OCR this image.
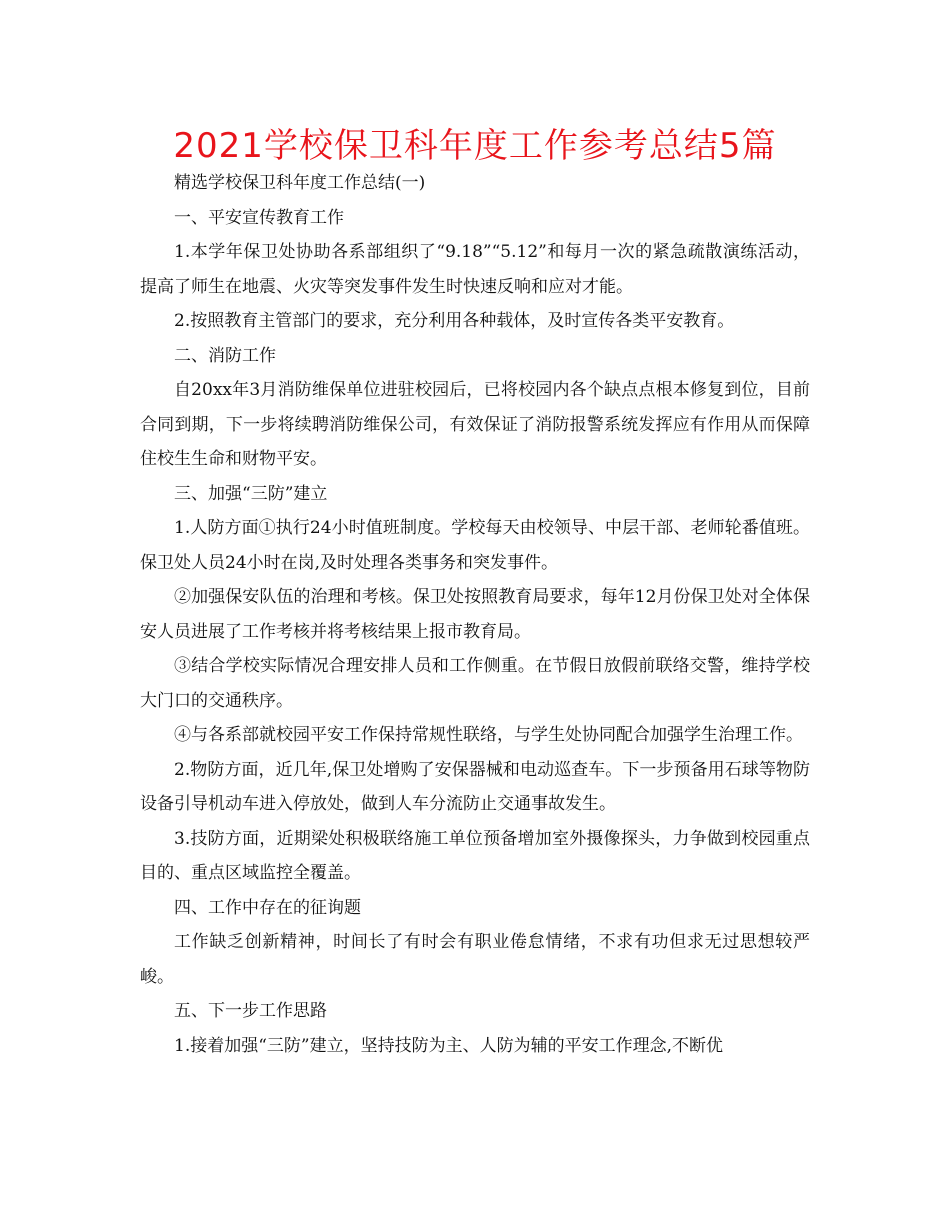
2021学校保卫科年度工作参考总结5篇

精选学校保卫科年度工作总结(一)

一、平安宣传教育工作

1.本学年保卫处协助各系部组织了“9.18”“5.12”和每月一次的紧急疏散演练活动，提高了师生在地震、火灾等突发事件发生时快速反响和应对才能。

2.按照教育主管部门的要求，充分利用各种载体，及时宣传各类平安教育。

二、消防工作

自20xx年3月消防维保单位进驻校园后，已将校园内各个缺点点根本修复到位，目前合同到期，下一步将续聘消防维保公司，有效保证了消防报警系统发挥应有作用从而保障住校生生命和财物平安。

三、加强“三防”建立

1.人防方面①执行24小时值班制度。学校每天由校领导、中层干部、老师轮番值班。保卫处人员24小时在岗,及时处理各类事务和突发事件。

②加强保安队伍的治理和考核。保卫处按照教育局要求，每年12月份保卫处对全体保安人员进展了工作考核并将考核结果上报市教育局。

③结合学校实际情况合理安排人员和工作侧重。在节假日放假前联络交警，维持学校大门口的交通秩序。

④与各系部就校园平安工作保持常规性联络，与学生处协同配合加强学生治理工作。

2.物防方面，近几年,保卫处增购了安保器械和电动巡查车。下一步预备用石球等物防设备引导机动车进入停放处，做到人车分流防止交通事故发生。

3.技防方面，近期梁处积极联络施工单位预备增加室外摄像探头，力争做到校园重点目的、重点区域监控全覆盖。

四、工作中存在的征询题

工作缺乏创新精神，时间长了有时会有职业倦怠情绪，不求有功但求无过思想较严峻。

五、下一步工作思路

1.接着加强“三防”建立，坚持技防为主、人防为辅的平安工作理念,不断优
